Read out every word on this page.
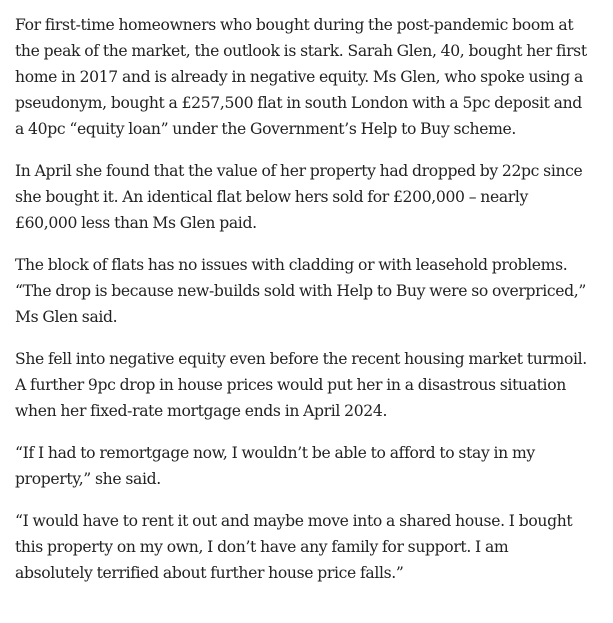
For first-time homeowners who bought during the post-pandemic boom at the peak of the market, the outlook is stark. Sarah Glen, 40, bought her first home in 2017 and is already in negative equity. Ms Glen, who spoke using a pseudonym, bought a £257,500 flat in south London with a 5pc deposit and a 40pc “equity loan” under the Government’s Help to Buy scheme.

In April she found that the value of her property had dropped by 22pc since she bought it. An identical flat below hers sold for £200,000 – nearly £60,000 less than Ms Glen paid.

The block of flats has no issues with cladding or with leasehold problems. “The drop is because new-builds sold with Help to Buy were so overpriced,” Ms Glen said.

She fell into negative equity even before the recent housing market turmoil. A further 9pc drop in house prices would put her in a disastrous situation when her fixed-rate mortgage ends in April 2024.

“If I had to remortgage now, I wouldn’t be able to afford to stay in my property,” she said.

“I would have to rent it out and maybe move into a shared house. I bought this property on my own, I don’t have any family for support. I am absolutely terrified about further house price falls.”
